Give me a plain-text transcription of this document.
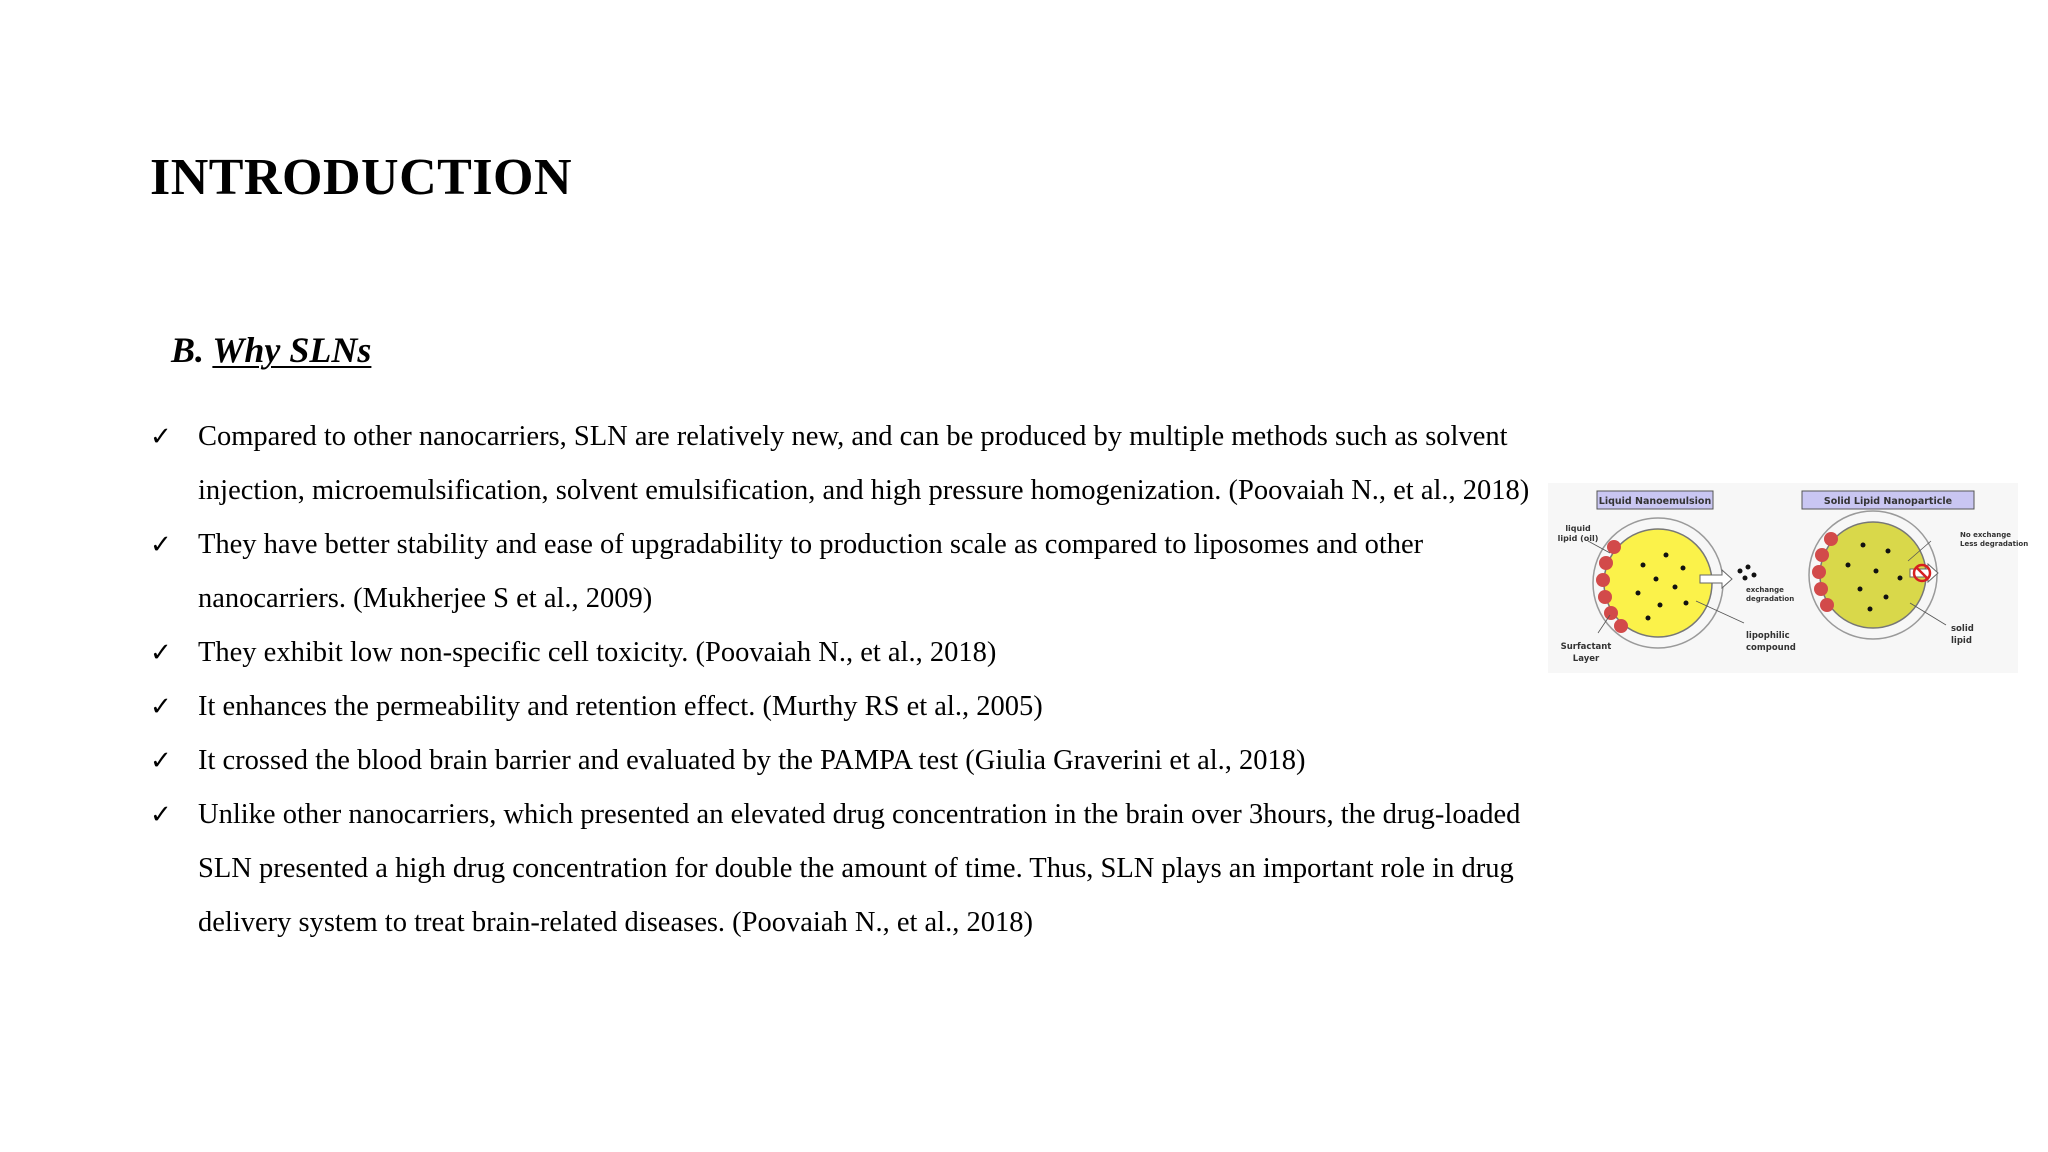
INTRODUCTION
B. Why SLNs
✓ Compared to other nanocarriers, SLN are relatively new, and can be produced by multiple methods such as solvent injection, microemulsification, solvent emulsification, and high pressure homogenization. (Poovaiah N., et al., 2018)
✓ They have better stability and ease of upgradability to production scale as compared to liposomes and other nanocarriers. (Mukherjee S et al., 2009)
✓ They exhibit low non-specific cell toxicity. (Poovaiah N., et al., 2018)
✓ It enhances the permeability and retention effect. (Murthy RS et al., 2005)
✓ It crossed the blood brain barrier and evaluated by the PAMPA test (Giulia Graverini et al., 2018)
✓ Unlike other nanocarriers, which presented an elevated drug concentration in the brain over 3hours, the drug-loaded SLN presented a high drug concentration for double the amount of time. Thus, SLN plays an important role in drug delivery system to treat brain-related diseases. (Poovaiah N., et al., 2018)
Liquid Nanoemulsion
liquid
lipid (oil)
exchange
degradation
Surfactant
Layer
lipophilic
compound
Solid Lipid Nanoparticle
No exchange
Less degradation
solid
lipid
